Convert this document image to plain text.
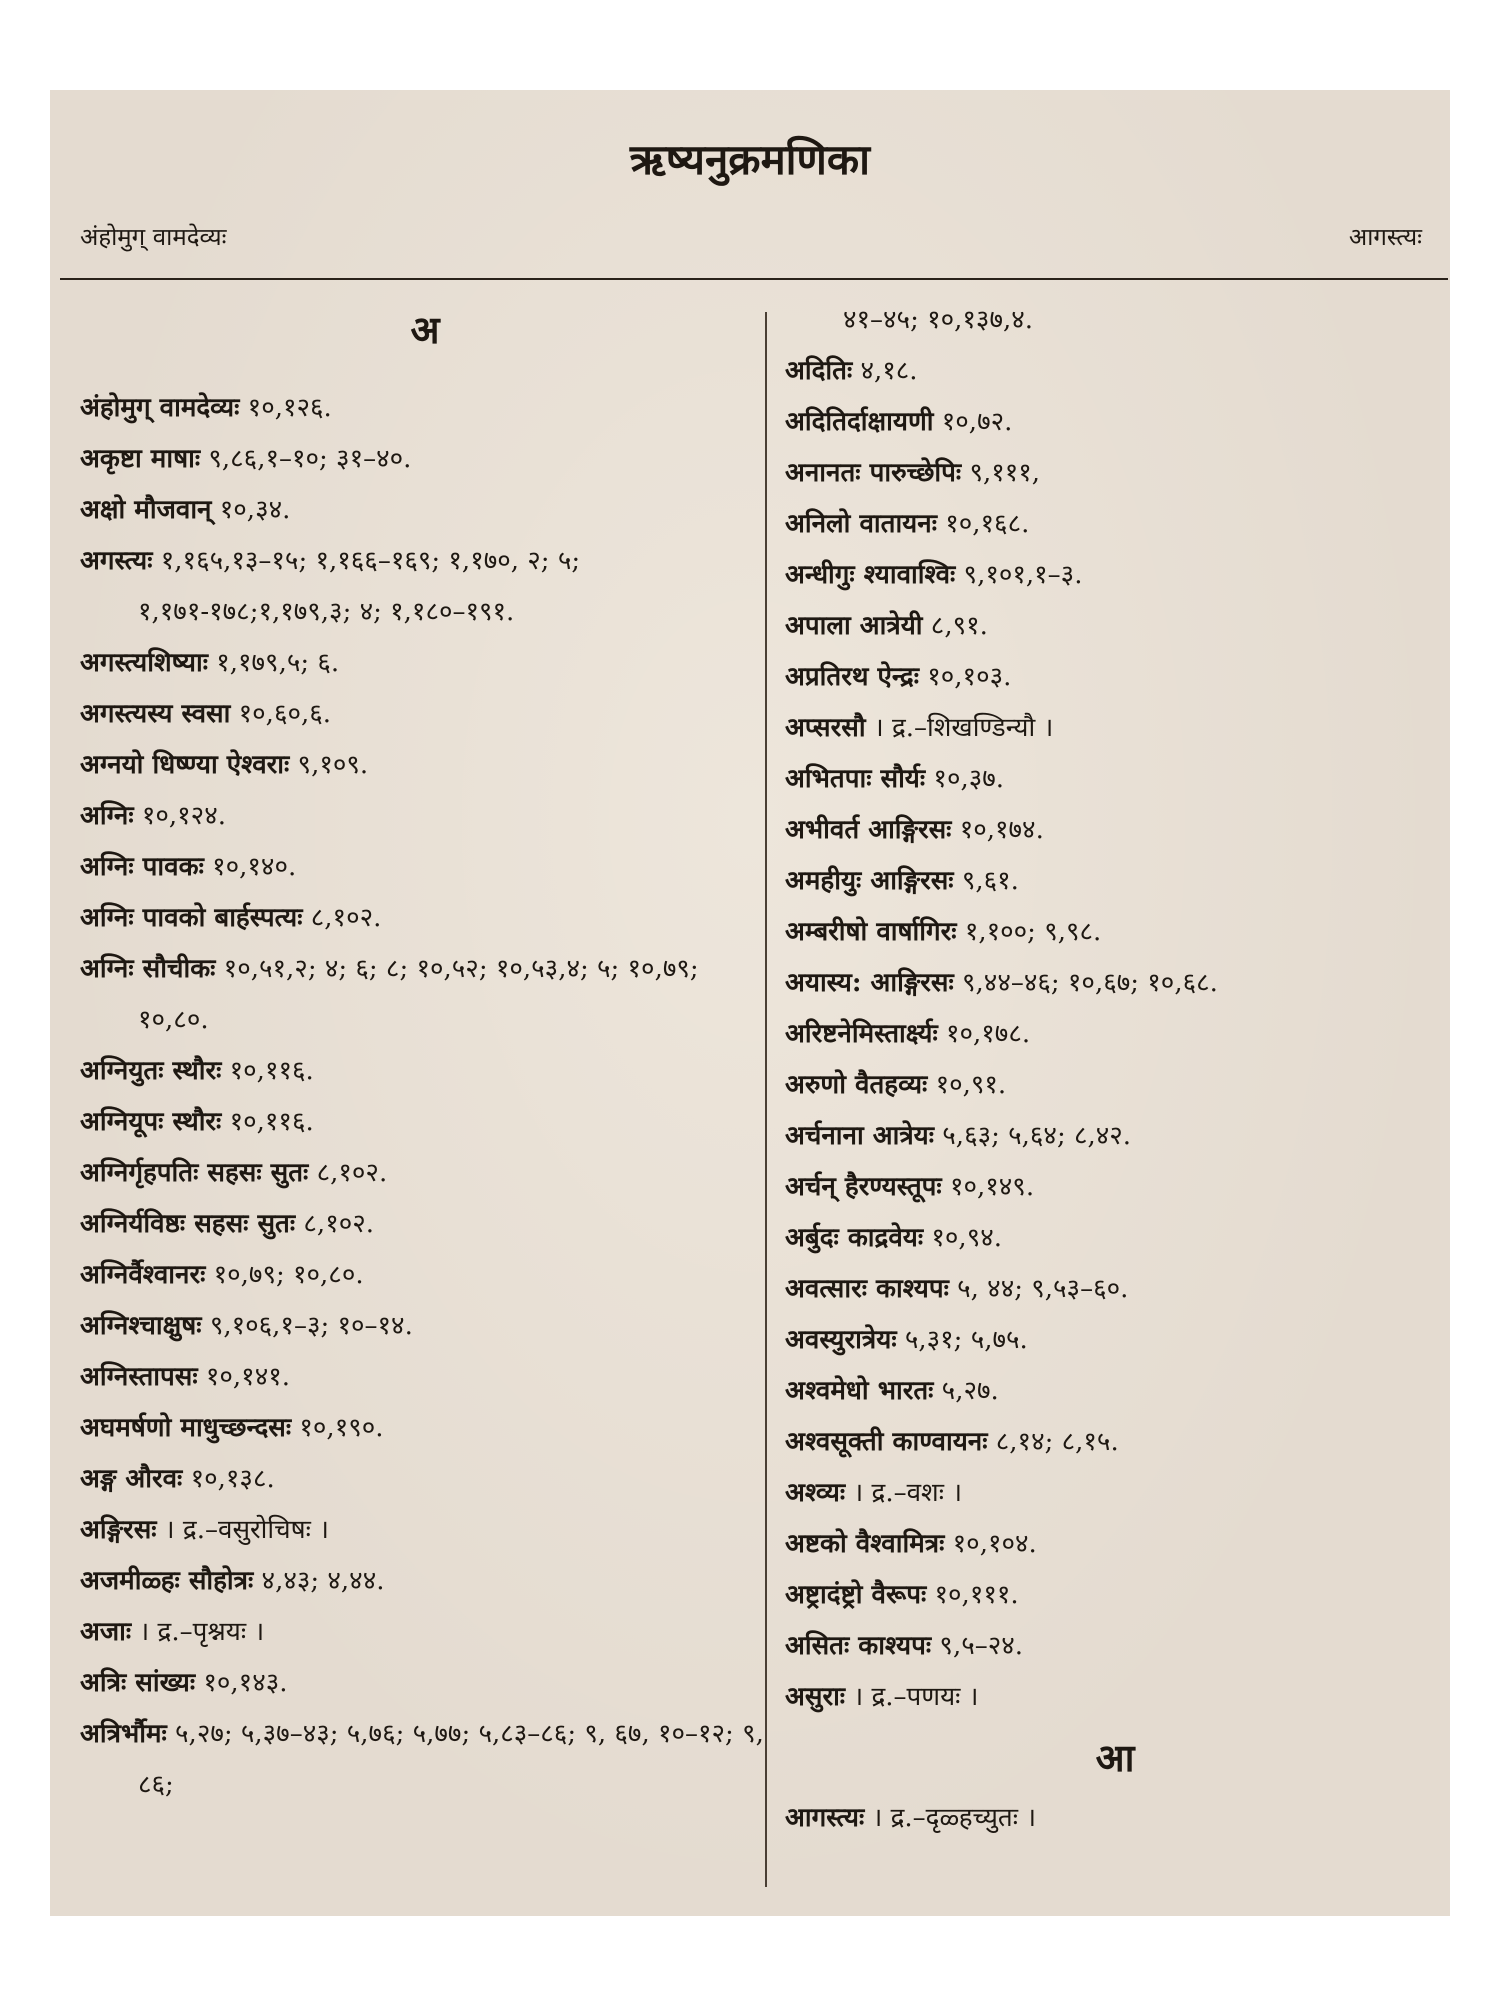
ऋष्यनुक्रमणिका
अंहोमुग् वामदेव्यः	आगस्त्यः
अ

अंहोमुग् वामदेव्यः १०,१२६.

अकृष्टा माषाः ९,८६,१–१०; ३१–४०.

अक्षो मौजवान् १०,३४.

अगस्त्यः १,१६५,१३–१५; १,१६६–१६९; १,१७०, २; ५; १,१७१-१७८;१,१७९,३; ४; १,१८०–१९१.

अगस्त्यशिष्याः १,१७९,५; ६.

अगस्त्यस्य स्वसा १०,६०,६.

अग्नयो धिष्ण्या ऐश्वराः ९,१०९.

अग्निः १०,१२४.

अग्निः पावकः १०,१४०.

अग्निः पावको बार्हस्पत्यः ८,१०२.

अग्निः सौचीकः १०,५१,२; ४; ६; ८; १०,५२; १०,५३,४; ५; १०,७९; १०,८०.

अग्नियुतः स्थौरः १०,११६.

अग्नियूपः स्थौरः १०,११६.

अग्निर्गृहपतिः सहसः सुतः ८,१०२.

अग्निर्यविष्ठः सहसः सुतः ८,१०२.

अग्निर्वैश्वानरः १०,७९; १०,८०.

अग्निश्चाक्षुषः ९,१०६,१–३; १०–१४.

अग्निस्तापसः १०,१४१.

अघमर्षणो माधुच्छन्दसः १०,१९०.

अङ्ग औरवः १०,१३८.

अङ्गिरसः । द्र.–वसुरोचिषः ।

अजमीळ्हः सौहोत्रः ४,४३; ४,४४.

अजाः । द्र.–पृश्नयः ।

अत्रिः सांख्यः १०,१४३.

अत्रिर्भौमः ५,२७; ५,३७–४३; ५,७६; ५,७७; ५,८३–८६; ९, ६७, १०–१२; ९, ८६;

४१–४५; १०,१३७,४.

अदितिः ४,१८.

अदितिर्दाक्षायणी १०,७२.

अनानतः पारुच्छेपिः ९,१११,

अनिलो वातायनः १०,१६८.

अन्धीगुः श्यावाश्विः ९,१०१,१–३.

अपाला आत्रेयी ८,९१.

अप्रतिरथ ऐन्द्रः १०,१०३.

अप्सरसौ । द्र.–शिखण्डिन्यौ ।

अभितपाः सौर्यः १०,३७.

अभीवर्त आङ्गिरसः १०,१७४.

अमहीयुः आङ्गिरसः ९,६१.

अम्बरीषो वार्षागिरः १,१००; ९,९८.

अयास्य: आङ्गिरसः ९,४४–४६; १०,६७; १०,६८.

अरिष्टनेमिस्तार्क्ष्यः १०,१७८.

अरुणो वैतहव्यः १०,९१.

अर्चनाना आत्रेयः ५,६३; ५,६४; ८,४२.

अर्चन् हैरण्यस्तूपः १०,१४९.

अर्बुदः काद्रवेयः १०,९४.

अवत्सारः काश्यपः ५, ४४; ९,५३–६०.

अवस्युरात्रेयः ५,३१; ५,७५.

अश्वमेधो भारतः ५,२७.

अश्वसूक्ती काण्वायनः ८,१४; ८,१५.

अश्व्यः । द्र.–वशः ।

अष्टको वैश्वामित्रः १०,१०४.

अष्ट्रादंष्ट्रो वैरूपः १०,१११.

असितः काश्यपः ९,५–२४.

असुराः । द्र.–पणयः ।

आ

आगस्त्यः । द्र.–दृळ्हच्युतः ।
